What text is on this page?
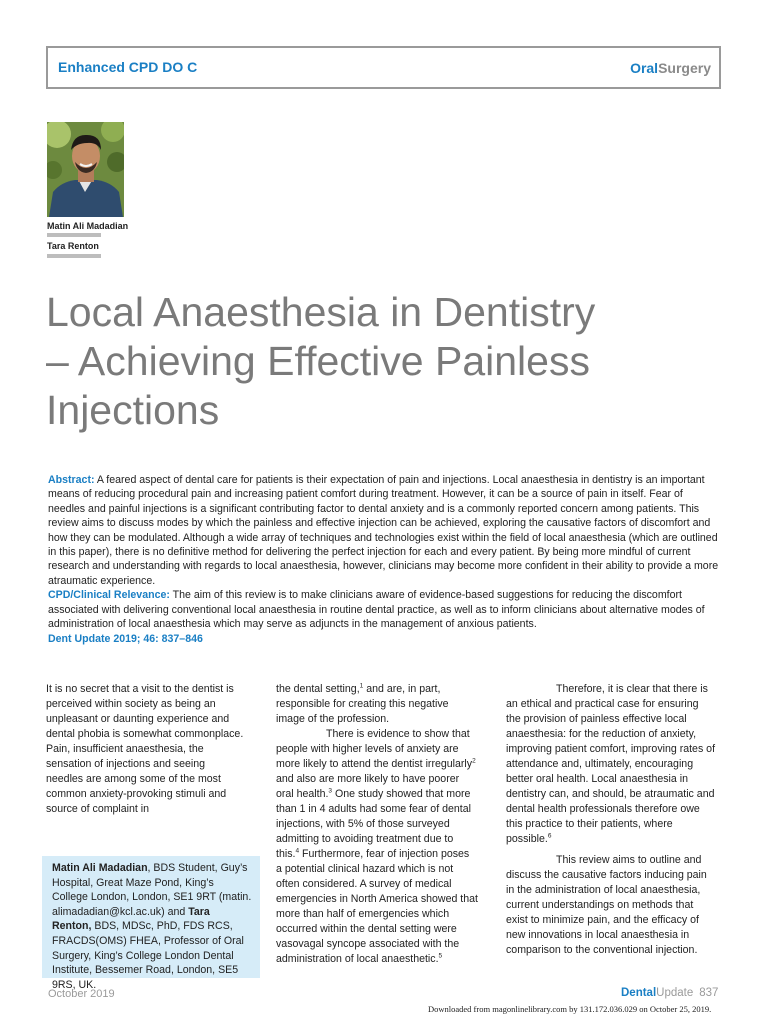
Enhanced CPD DO C	OralSurgery
Matin Ali Madadian
Tara Renton
Local Anaesthesia in Dentistry
– Achieving Effective Painless
Injections

Abstract: A feared aspect of dental care for patients is their expectation of pain and injections. Local anaesthesia in dentistry is an important means of reducing procedural pain and increasing patient comfort during treatment. However, it can be a source of pain in itself. Fear of needles and painful injections is a significant contributing factor to dental anxiety and is a commonly reported concern among patients. This review aims to discuss modes by which the painless and effective injection can be achieved, exploring the causative factors of discomfort and how they can be modulated. Although a wide array of techniques and technologies exist within the field of local anaesthesia (which are outlined in this paper), there is no definitive method for delivering the perfect injection for each and every patient. By being more mindful of current research and understanding with regards to local anaesthesia, however, clinicians may become more confident in their ability to provide a more atraumatic experience.

CPD/Clinical Relevance: The aim of this review is to make clinicians aware of evidence-based suggestions for reducing the discomfort associated with delivering conventional local anaesthesia in routine dental practice, as well as to inform clinicians about alternative modes of administration of local anaesthesia which may serve as adjuncts in the management of anxious patients.

Dent Update 2019; 46: 837–846

It is no secret that a visit to the dentist is perceived within society as being an unpleasant or daunting experience and dental phobia is somewhat commonplace. Pain, insufficient anaesthesia, the sensation of injections and seeing needles are among some of the most common anxiety-provoking stimuli and source of complaint in

the dental setting,$^1$ and are, in part, responsible for creating this negative image of the profession.

There is evidence to show that people with higher levels of anxiety are more likely to attend the dentist irregularly$^2$ and also are more likely to have poorer oral health.$^3$ One study showed that more than 1 in 4 adults had some fear of dental injections, with 5% of those surveyed admitting to avoiding treatment due to this.$^4$ Furthermore, fear of injection poses a potential clinical hazard which is not often considered. A survey of medical emergencies in North America showed that more than half of emergencies which occurred within the dental setting were vasovagal syncope associated with the administration of local anaesthetic.$^5$

Therefore, it is clear that there is an ethical and practical case for ensuring the provision of painless effective local anaesthesia: for the reduction of anxiety, improving patient comfort, improving rates of attendance and, ultimately, encouraging better oral health. Local anaesthesia in dentistry can, and should, be atraumatic and dental health professionals therefore owe this practice to their patients, where possible.$^6$

This review aims to outline and discuss the causative factors inducing pain in the administration of local anaesthesia, current understandings on methods that exist to minimize pain, and the efficacy of new innovations in local anaesthesia in comparison to the conventional injection.

Matin Ali Madadian, BDS Student, Guy’s Hospital, Great Maze Pond, King’s College London, London, SE1 9RT (matin. alimadadian@kcl.ac.uk) and Tara Renton, BDS, MDSc, PhD, FDS RCS, FRACDS(OMS) FHEA, Professor of Oral Surgery, King’s College London Dental Institute, Bessemer Road, London, SE5 9RS, UK.
October 2019	DentalUpdate 837
Downloaded from magonlinelibrary.com by 131.172.036.029 on October 25, 2019.
